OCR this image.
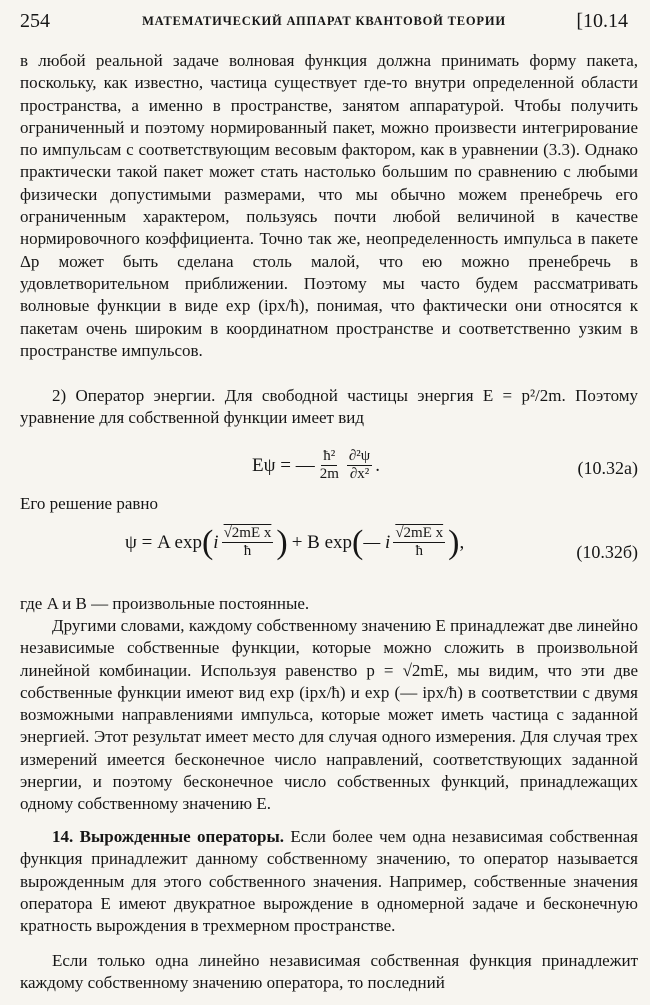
254	МАТЕМАТИЧЕСКИЙ АППАРАТ КВАНТОВОЙ ТЕОРИИ	[10.14
в любой реальной задаче волновая функция должна принимать форму пакета, поскольку, как известно, частица существует где-то внутри определенной области пространства, а именно в пространстве, занятом аппаратурой. Чтобы получить ограниченный и поэтому нормированный пакет, можно произвести интегрирование по импульсам с соответствующим весовым фактором, как в уравнении (3.3). Однако практически такой пакет может стать настолько большим по сравнению с любыми физически допустимыми размерами, что мы обычно можем пренебречь его ограниченным характером, пользуясь почти любой величиной в качестве нормировочного коэффициента. Точно так же, неопределенность импульса в пакете Δp может быть сделана столь малой, что ею можно пренебречь в удовлетворительном приближении. Поэтому мы часто будем рассматривать волновые функции в виде exp (ipx/ħ), понимая, что фактически они относятся к пакетам очень широким в координатном пространстве и соответственно узким в пространстве импульсов.
2) Оператор энергии. Для свободной частицы энергия E = p²/2m. Поэтому уравнение для собственной функции имеет вид
Eψ = — $\frac{\text{ħ²}}{2m} \frac{\text{∂²ψ}}{\text{∂x²}}$ .	(10.32а)
Его решение равно
ψ = A exp ( i $\frac{\text{√2mE x}}{ħ}$ ) + B exp ( — i $\frac{\text{√2mE x}}{ħ}$ ) ,	(10.32б)
где A и B — произвольные постоянные.
Другими словами, каждому собственному значению E принадлежат две линейно независимые собственные функции, которые можно сложить в произвольной линейной комбинации. Используя равенство p = √2mE, мы видим, что эти две собственные функции имеют вид exp (ipx/ħ) и exp (— ipx/ħ) в соответствии с двумя возможными направлениями импульса, которые может иметь частица с заданной энергией. Этот результат имеет место для случая одного измерения. Для случая трех измерений имеется бесконечное число направлений, соответствующих заданной энергии, и поэтому бесконечное число собственных функций, принадлежащих одному собственному значению E.
14. Вырожденные операторы. Если более чем одна независимая собственная функция принадлежит данному собственному значению, то оператор называется вырожденным для этого собственного значения. Например, собственные значения оператора E имеют двукратное вырождение в одномерной задаче и бесконечную кратность вырождения в трехмерном пространстве.
Если только одна линейно независимая собственная функция принадлежит каждому собственному значению оператора, то последний
